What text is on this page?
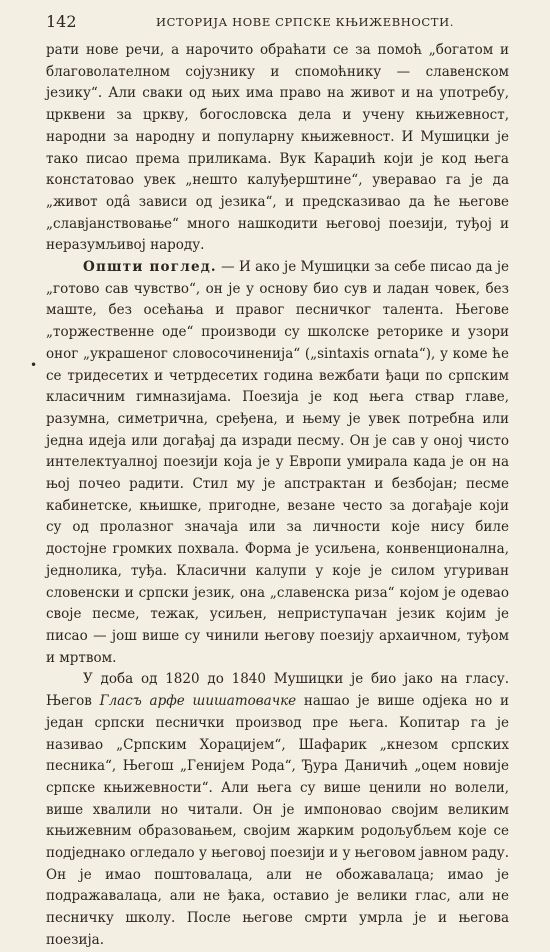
142	ИСТОРИЈА НОВЕ СРПСКЕ КЊИЖЕВНОСТИ.
•

рати нове речи, а нарочито обраћати се за помоћ „богатом и благоволателном сојузнику и спомоћнику — славенском језику“. Али сваки од њих има право на живот и на употребу, црквени за цркву, богословска дела и учену књижевност, народни за народну и популарну књижевност. И Мушицки је тако писао према приликама. Вук Караџић који је код њега констатовао увек „нешто калуђерштине“, уверавао га је да „живот одâ зависи од језика“, и предсказивао да ће његове „славјанствовање“ много нашкодити његовој поезији, туђој и неразумљивој народу.

Општи поглед. — И ако је Мушицки за себе писао да је „готово сав чувство“, он је у основу био сув и ладан човек, без маште, без осећања и правог песничког талента. Његове „торжественне оде“ производи су школске реторике и узори оног „украшеног словосочиненија“ („sintaxis ornata“), у коме ће се тридесетих и четрдесетих година вежбати ђаци по српским класичним гимназијама. Поезија је код њега ствар главе, разумна, симетрична, сређена, и њему је увек потребна или једна идеја или догађај да изради песму. Он је сав у оној чисто интелектуалној поезији која је у Европи умирала када је он на њој почео радити. Стил му је апстрактан и безбојан; песме кабинетске, књишке, пригодне, везане често за догађаје који су од пролазног значаја или за личности које нису биле достојне громких похвала. Форма је усиљена, конвенционална, једнолика, туђа. Класични калупи у које је силом угуриван словенски и српски језик, она „славенска риза“ којом је одевао своје песме, тежак, усиљен, неприступачан језик којим је писао — још више су чинили његову поезију архаичном, туђом и мртвом.

У доба од 1820 до 1840 Мушицки је био јако на гласу. Његов Гласъ арфе шишатовачке нашао је више одјека но и један српски песнички производ пре њега. Копитар га је називао „Српским Хорацијем“, Шафарик „кнезом српских песника“, Његош „Генијем Рода“, Ђура Даничић „оцем новије српске књижевности“. Али њега су више ценили но волели, више хвалили но читали. Он је импоновао својим великим књижевним образовањем, својим жарким родољубљем које се подједнако огледало у његовој поезији и у његовом јавном раду. Он је имао поштовалаца, али не обожавалаца; имао је подражавалаца, али не ђака, оставио је велики глас, али не песничку школу. После његове смрти умрла је и његова поезија.
